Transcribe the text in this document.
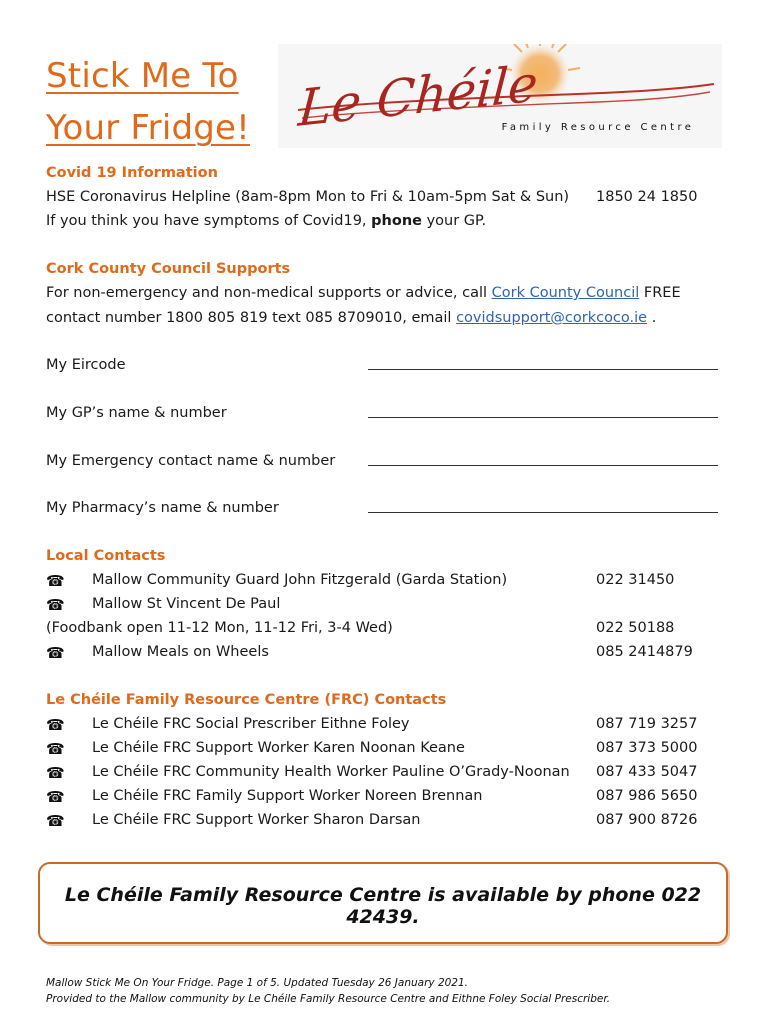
Stick Me To
Your Fridge! Le Chéile
Family Resource Centre
Covid 19 Information
HSE Coronavirus Helpline (8am-8pm Mon to Fri & 10am-5pm Sat & Sun) 1850 24 1850
If you think you have symptoms of Covid19, phone your GP.
Cork County Council Supports
For non-emergency and non-medical supports or advice, call Cork County Council FREE
contact number 1800 805 819 text 085 8709010, email covidsupport@corkcoco.ie .
My Eircode
My GP’s name & number
My Emergency contact name & number
My Pharmacy’s name & number
Local Contacts
☎ Mallow Community Guard John Fitzgerald (Garda Station)	022 31450
☎ Mallow St Vincent De Paul
(Foodbank open 11-12 Mon, 11-12 Fri, 3-4 Wed)	022 50188
☎ Mallow Meals on Wheels	085 2414879
Le Chéile Family Resource Centre (FRC) Contacts
☎ Le Chéile FRC Social Prescriber Eithne Foley	087 719 3257
☎ Le Chéile FRC Support Worker Karen Noonan Keane	087 373 5000
☎ Le Chéile FRC Community Health Worker Pauline O’Grady-Noonan 087 433 5047
☎ Le Chéile FRC Family Support Worker Noreen Brennan	087 986 5650
☎ Le Chéile FRC Support Worker Sharon Darsan	087 900 8726
Le Chéile Family Resource Centre is available by phone 022 42439.
Mallow Stick Me On Your Fridge. Page 1 of 5. Updated Tuesday 26 January 2021.
Provided to the Mallow community by Le Chéile Family Resource Centre and Eithne Foley Social Prescriber.
